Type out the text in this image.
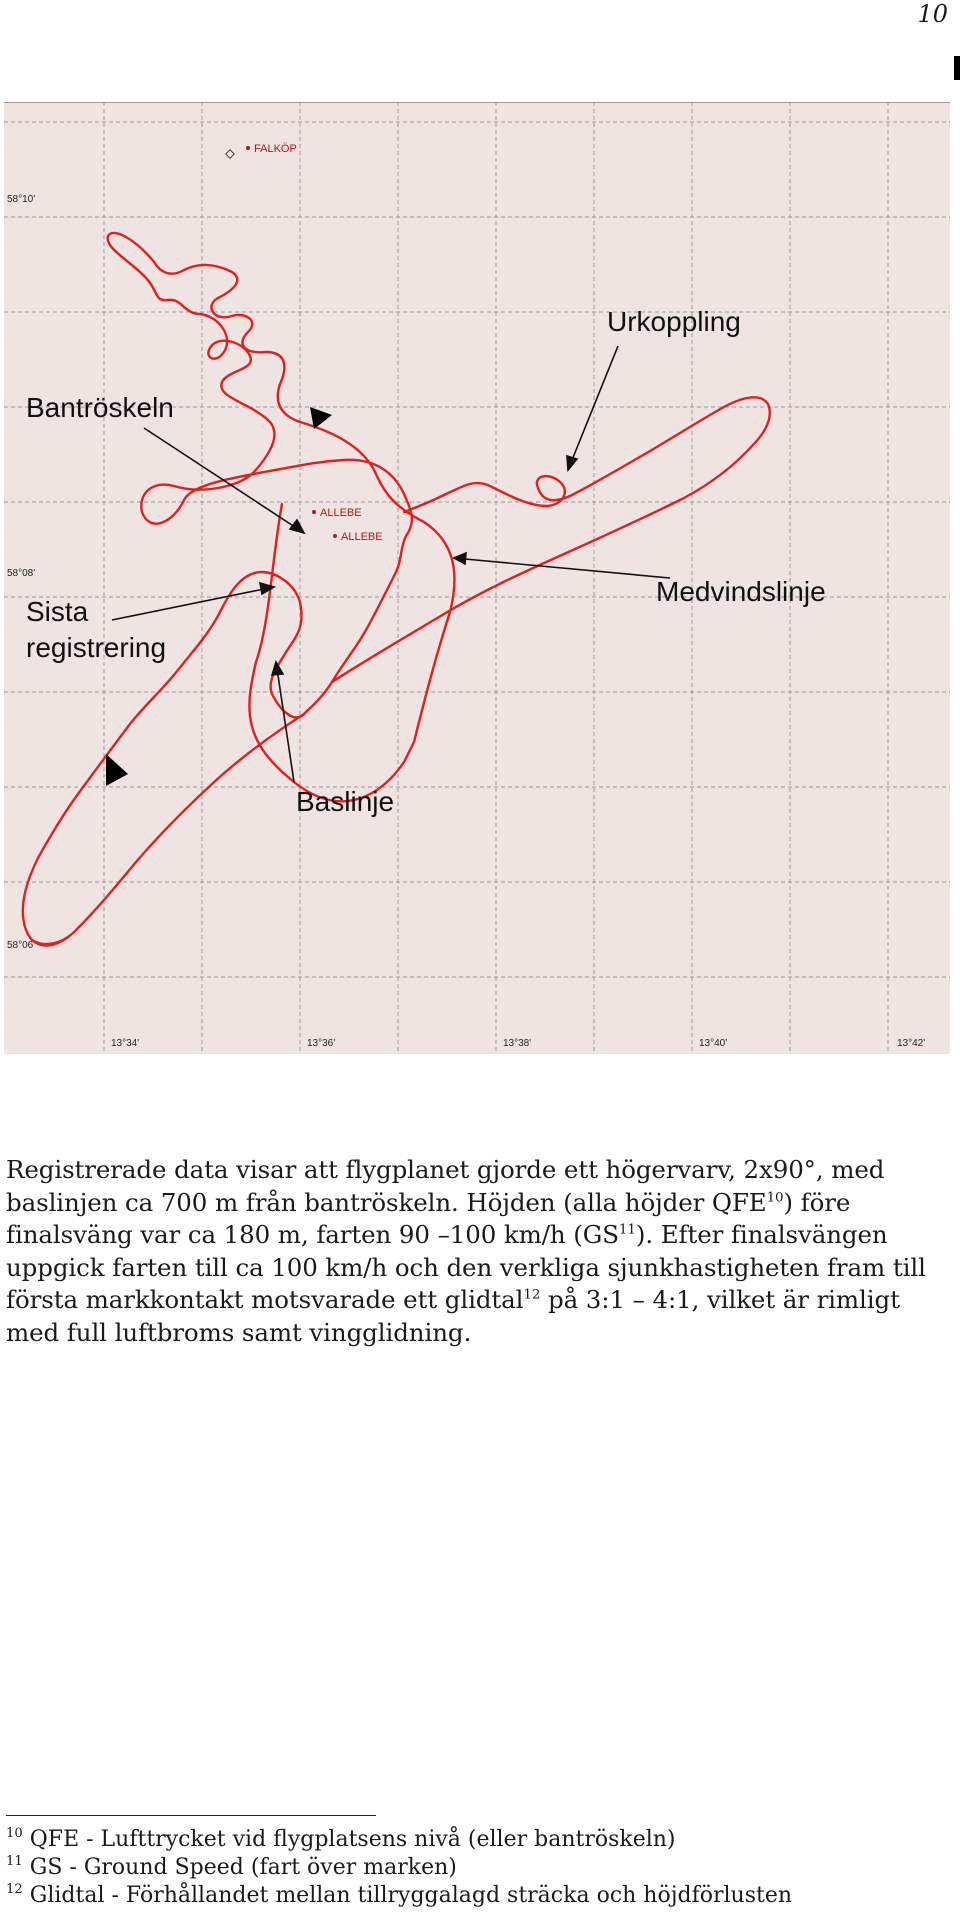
10
58°10'
58°08'
58°06'
13°34'	13°36'	13°38'	13°40'	13°42'
FALKÖP
ALLEBE
ALLEBE
Bantröskeln
Urkoppling
Sista
registrering
Medvindslinje
Baslinje

Registrerade data visar att flygplanet gjorde ett högervarv, 2x90°, med baslinjen ca 700 m från bantröskeln. Höjden (alla höjder QFE$^{10}$) före finalsväng var ca 180 m, farten 90 –100 km/h (GS$^{11}$). Efter finalsvängen uppgick farten till ca 100 km/h och den verkliga sjunkhastigheten fram till första markkontakt motsvarade ett glidtal$^{12}$ på 3:1 – 4:1, vilket är rimligt med full luftbroms samt vingglidning.

$^{10}$ QFE - Lufttrycket vid flygplatsens nivå (eller bantröskeln)
$^{11}$ GS - Ground Speed (fart över marken)
$^{12}$ Glidtal - Förhållandet mellan tillryggalagd sträcka och höjdförlusten
